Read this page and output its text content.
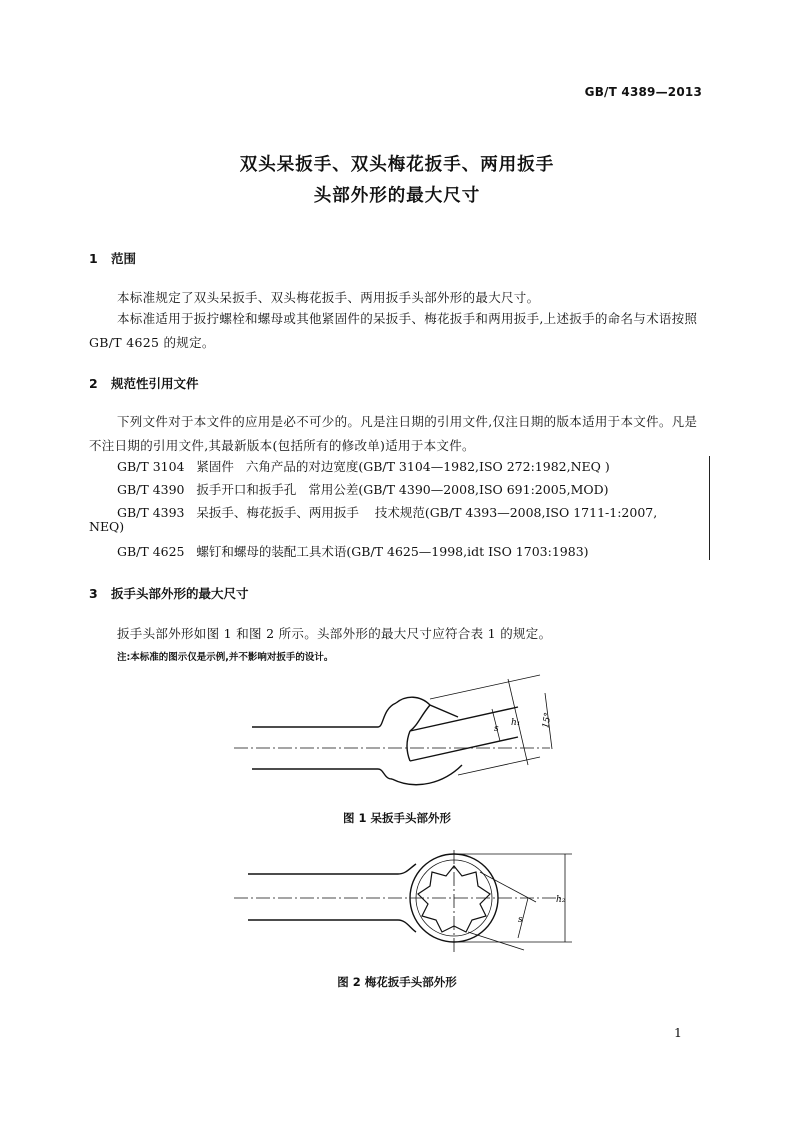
GB/T 4389—2013
双头呆扳手、双头梅花扳手、两用扳手
头部外形的最大尺寸
1 范围
本标准规定了双头呆扳手、双头梅花扳手、两用扳手头部外形的最大尺寸。
本标准适用于扳拧螺栓和螺母或其他紧固件的呆扳手、梅花扳手和两用扳手,上述扳手的命名与术语按照 GB/T 4625 的规定。
2 规范性引用文件
下列文件对于本文件的应用是必不可少的。凡是注日期的引用文件,仅注日期的版本适用于本文件。凡是不注日期的引用文件,其最新版本(包括所有的修改单)适用于本文件。
GB/T 3104   紧固件   六角产品的对边宽度(GB/T 3104—1982,ISO 272:1982,NEQ )
GB/T 4390   扳手开口和扳手孔   常用公差(GB/T 4390—2008,ISO 691:2005,MOD)
GB/T 4393   呆扳手、梅花扳手、两用扳手    技术规范(GB/T 4393—2008,ISO 1711-1:2007,
NEQ)
GB/T 4625   螺钉和螺母的装配工具术语(GB/T 4625—1998,idt ISO 1703:1983)
3 扳手头部外形的最大尺寸
扳手头部外形如图 1 和图 2 所示。头部外形的最大尺寸应符合表 1 的规定。
注:本标准的图示仅是示例,并不影响对扳手的设计。
s
h₁ 15°
图 1 呆扳手头部外形
s
h₂
图 2 梅花扳手头部外形
1
